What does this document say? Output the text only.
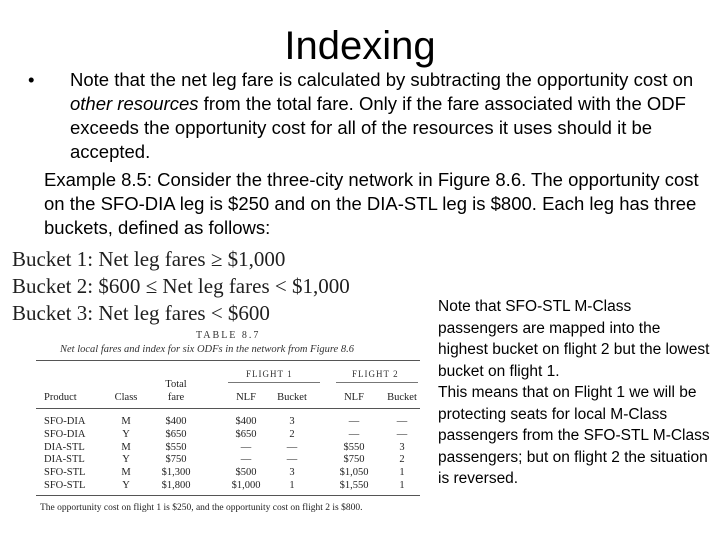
Indexing
• Note that the net leg fare is calculated by subtracting the opportunity cost on other resources from the total fare. Only if the fare associated with the ODF exceeds the opportunity cost for all of the resources it uses should it be accepted.
Example 8.5: Consider the three-city network in Figure 8.6. The opportunity cost on the SFO-DIA leg is $250 and on the DIA-STL leg is $800. Each leg has three buckets, defined as follows:
Bucket 1: Net leg fares ≥ $1,000
Bucket 2: $600 ≤ Net leg fares < $1,000
Bucket 3: Net leg fares < $600
TABLE 8.7
Net local fares and index for six ODFs in the network from Figure 8.6
FLIGHT 1	FLIGHT 2
Product	Class
Total fare	NLF	Bucket	NLF	Bucket
SFO-DIA	M	$400	$400	3	—	—
SFO-DIA	Y	$650	$650	2	—	—
DIA-STL	M	$550	—	—	$550	3
DIA-STL	Y	$750	—	—	$750	2
SFO-STL	M	$1,300	$500	3	$1,050	1
SFO-STL	Y	$1,800	$1,000	1	$1,550	1
The opportunity cost on flight 1 is $250, and the opportunity cost on flight 2 is $800.

Note that SFO-STL M-Class passengers are mapped into the highest bucket on flight 2 but the lowest bucket on flight 1.

This means that on Flight 1 we will be protecting seats for local M-Class passengers from the SFO-STL M-Class passengers; but on flight 2 the situation is reversed.
